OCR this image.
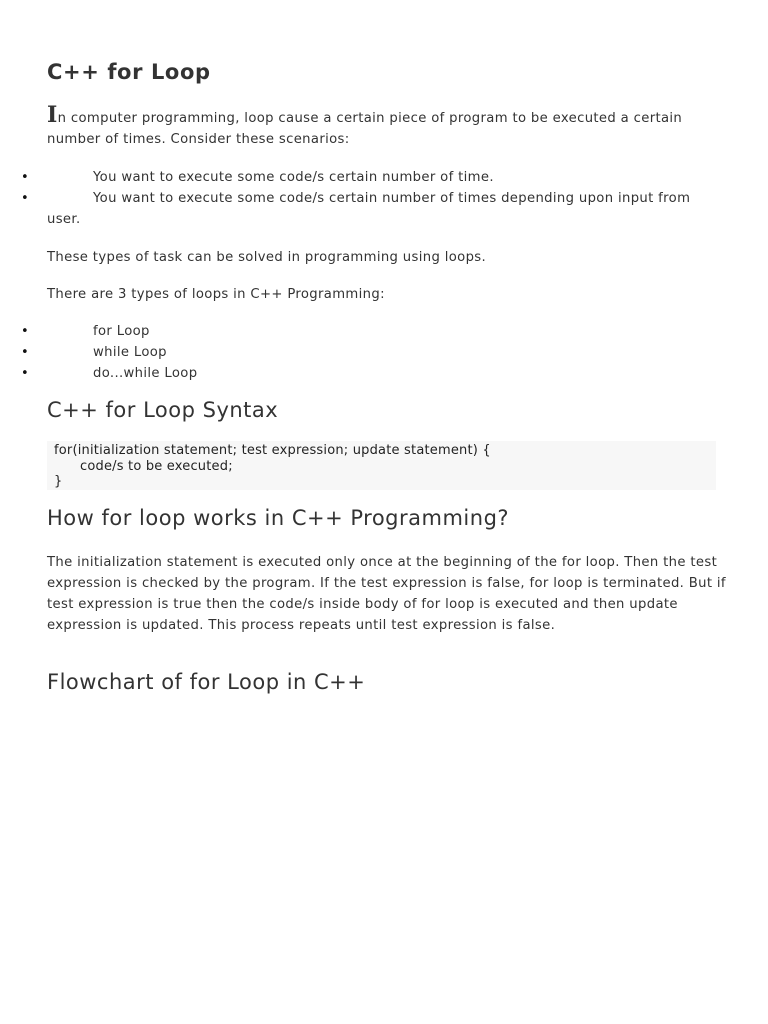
C++ for Loop

In computer programming, loop cause a certain piece of program to be executed a certain number of times. Consider these scenarios:

•	You want to execute some code/s certain number of time.
•	You want to execute some code/s certain number of times depending upon input from user.

These types of task can be solved in programming using loops.

There are 3 types of loops in C++ Programming:

•	for Loop
•	while Loop
•	do...while Loop
C++ for Loop Syntax
for(initialization statement; test expression; update statement) {
code/s to be executed;
}
How for loop works in C++ Programming?

The initialization statement is executed only once at the beginning of the for loop. Then the test expression is checked by the program. If the test expression is false, for loop is terminated. But if test expression is true then the code/s inside body of for loop is executed and then update expression is updated. This process repeats until test expression is false.

Flowchart of for Loop in C++
